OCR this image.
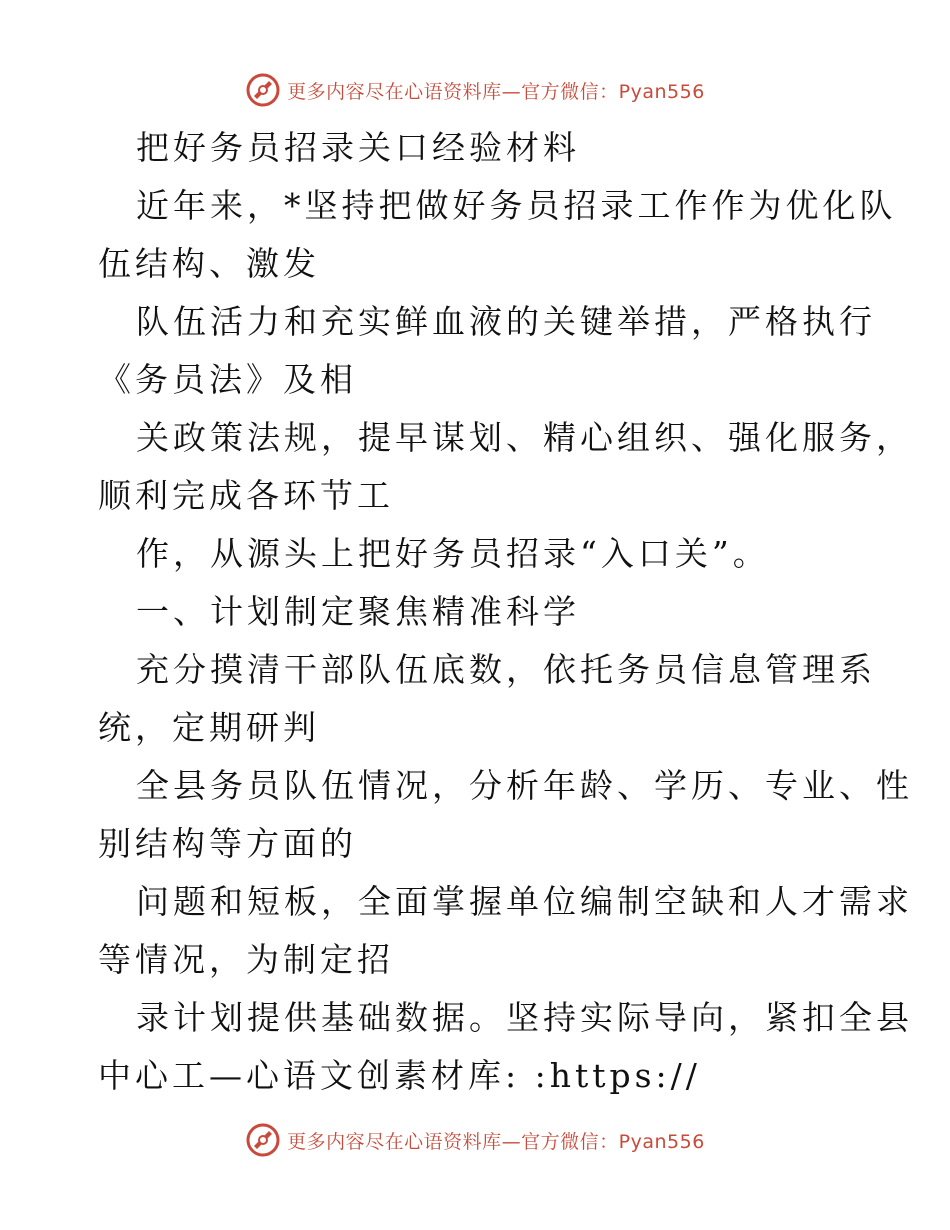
更多内容尽在心语资料库—官方微信：Pyan556
把好务员招录关口经验材料
近年来，*坚持把做好务员招录工作作为优化队
伍结构、激发
队伍活力和充实鲜血液的关键举措，严格执行
《务员法》及相
关政策法规，提早谋划、精心组织、强化服务，
顺利完成各环节工
作，从源头上把好务员招录“入口关”。
一、计划制定聚焦精准科学
充分摸清干部队伍底数，依托务员信息管理系
统，定期研判
全县务员队伍情况，分析年龄、学历、专业、性
别结构等方面的
问题和短板，全面掌握单位编制空缺和人才需求
等情况，为制定招
录计划提供基础数据。坚持实际导向，紧扣全县
中心工—心语文创素材库: :https://
更多内容尽在心语资料库—官方微信：Pyan556
